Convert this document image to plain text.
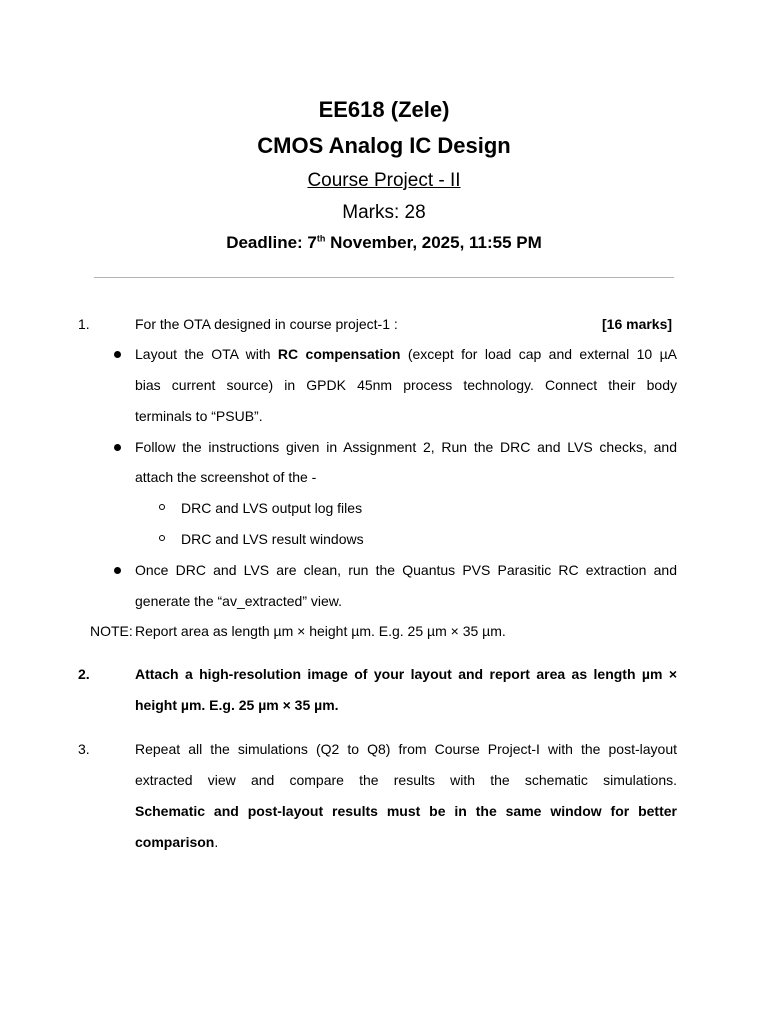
EE618 (Zele)
CMOS Analog IC Design
Course Project - II
Marks: 28
Deadline: 7th November, 2025, 11:55 PM
1.	For the OTA designed in course project-1 :	[16 marks]
Layout the OTA with RC compensation (except for load cap and external 10 µA
bias current source) in GPDK 45nm process technology. Connect their body
terminals to “PSUB”.
Follow the instructions given in Assignment 2, Run the DRC and LVS checks, and
attach the screenshot of the -
DRC and LVS output log files
DRC and LVS result windows
Once DRC and LVS are clean, run the Quantus PVS Parasitic RC extraction and
generate the “av_extracted” view.
NOTE: Report area as length µm × height µm. E.g. 25 µm × 35 µm.
2.	Attach a high-resolution image of your layout and report area as length µm ×
height µm. E.g. 25 µm × 35 µm.
3.	Repeat all the simulations (Q2 to Q8) from Course Project-I with the post-layout
extracted view and compare the results with the schematic simulations.
Schematic and post-layout results must be in the same window for better
comparison.
